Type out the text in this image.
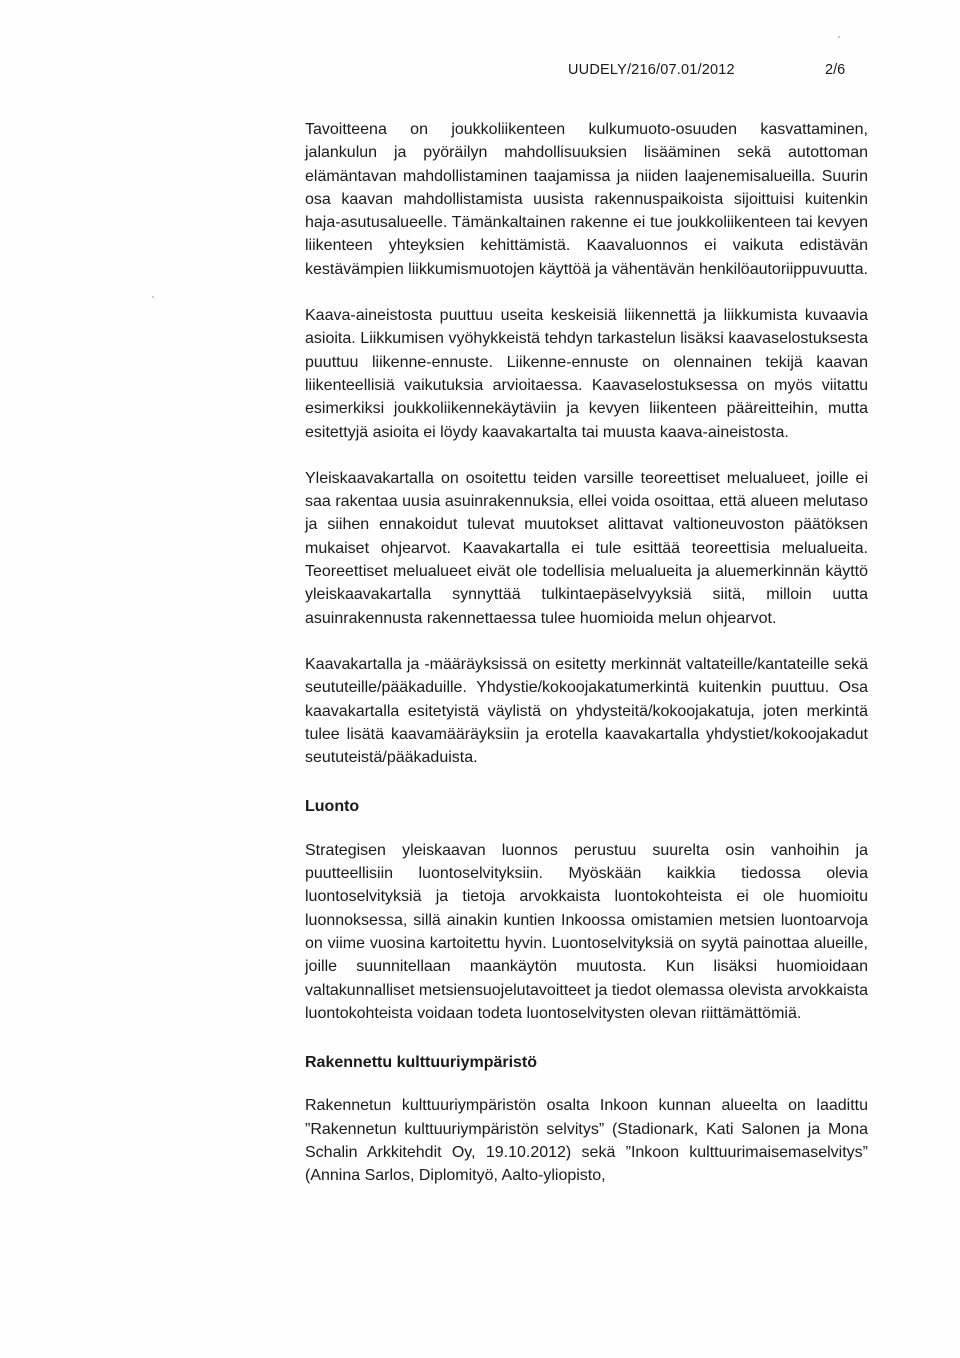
UUDELY/216/07.01/2012	2/6

Tavoitteena on joukkoliikenteen kulkumuoto-osuuden kasvattaminen, jalankulun ja pyöräilyn mahdollisuuksien lisääminen sekä autottoman elämäntavan mahdollistaminen taajamissa ja niiden laajenemisalueilla. Suurin osa kaavan mahdollistamista uusista rakennuspaikoista sijoittuisi kuitenkin haja-asutusalueelle. Tämänkaltainen rakenne ei tue joukkoliikenteen tai kevyen liikenteen yhteyksien kehittämistä. Kaavaluonnos ei vaikuta edistävän kestävämpien liikkumismuotojen käyttöä ja vähentävän henkilöautoriippuvuutta.

Kaava-aineistosta puuttuu useita keskeisiä liikennettä ja liikkumista kuvaavia asioita. Liikkumisen vyöhykkeistä tehdyn tarkastelun lisäksi kaavaselostuksesta puuttuu liikenne-ennuste. Liikenne-ennuste on olennainen tekijä kaavan liikenteellisiä vaikutuksia arvioitaessa. Kaavaselostuksessa on myös viitattu esimerkiksi joukkoliikennekäytäviin ja kevyen liikenteen pääreitteihin, mutta esitettyjä asioita ei löydy kaavakartalta tai muusta kaava-aineistosta.

Yleiskaavakartalla on osoitettu teiden varsille teoreettiset melualueet, joille ei saa rakentaa uusia asuinrakennuksia, ellei voida osoittaa, että alueen melutaso ja siihen ennakoidut tulevat muutokset alittavat valtioneuvoston päätöksen mukaiset ohjearvot. Kaavakartalla ei tule esittää teoreettisia melualueita. Teoreettiset melualueet eivät ole todellisia melualueita ja aluemerkinnän käyttö yleiskaavakartalla synnyttää tulkintaepäselvyyksiä siitä, milloin uutta asuinrakennusta rakennettaessa tulee huomioida melun ohjearvot.

Kaavakartalla ja -määräyksissä on esitetty merkinnät valtateille/kantateille sekä seututeille/pääkaduille. Yhdystie/kokoojakatumerkintä kuitenkin puuttuu. Osa kaavakartalla esitetyistä väylistä on yhdysteitä/kokoojakatuja, joten merkintä tulee lisätä kaavamääräyksiin ja erotella kaavakartalla yhdystiet/kokoojakadut seututeistä/pääkaduista.

Luonto

Strategisen yleiskaavan luonnos perustuu suurelta osin vanhoihin ja puutteellisiin luontoselvityksiin. Myöskään kaikkia tiedossa olevia luontoselvityksiä ja tietoja arvokkaista luontokohteista ei ole huomioitu luonnoksessa, sillä ainakin kuntien Inkoossa omistamien metsien luontoarvoja on viime vuosina kartoitettu hyvin. Luontoselvityksiä on syytä painottaa alueille, joille suunnitellaan maankäytön muutosta. Kun lisäksi huomioidaan valtakunnalliset metsiensuojelutavoitteet ja tiedot olemassa olevista arvokkaista luontokohteista voidaan todeta luontoselvitysten olevan riittämättömiä.

Rakennettu kulttuuriympäristö

Rakennetun kulttuuriympäristön osalta Inkoon kunnan alueelta on laadittu ”Rakennetun kulttuuriympäristön selvitys” (Stadionark, Kati Salonen ja Mona Schalin Arkkitehdit Oy, 19.10.2012) sekä ”Inkoon kulttuurimaisemaselvitys” (Annina Sarlos, Diplomityö, Aalto-yliopisto,
